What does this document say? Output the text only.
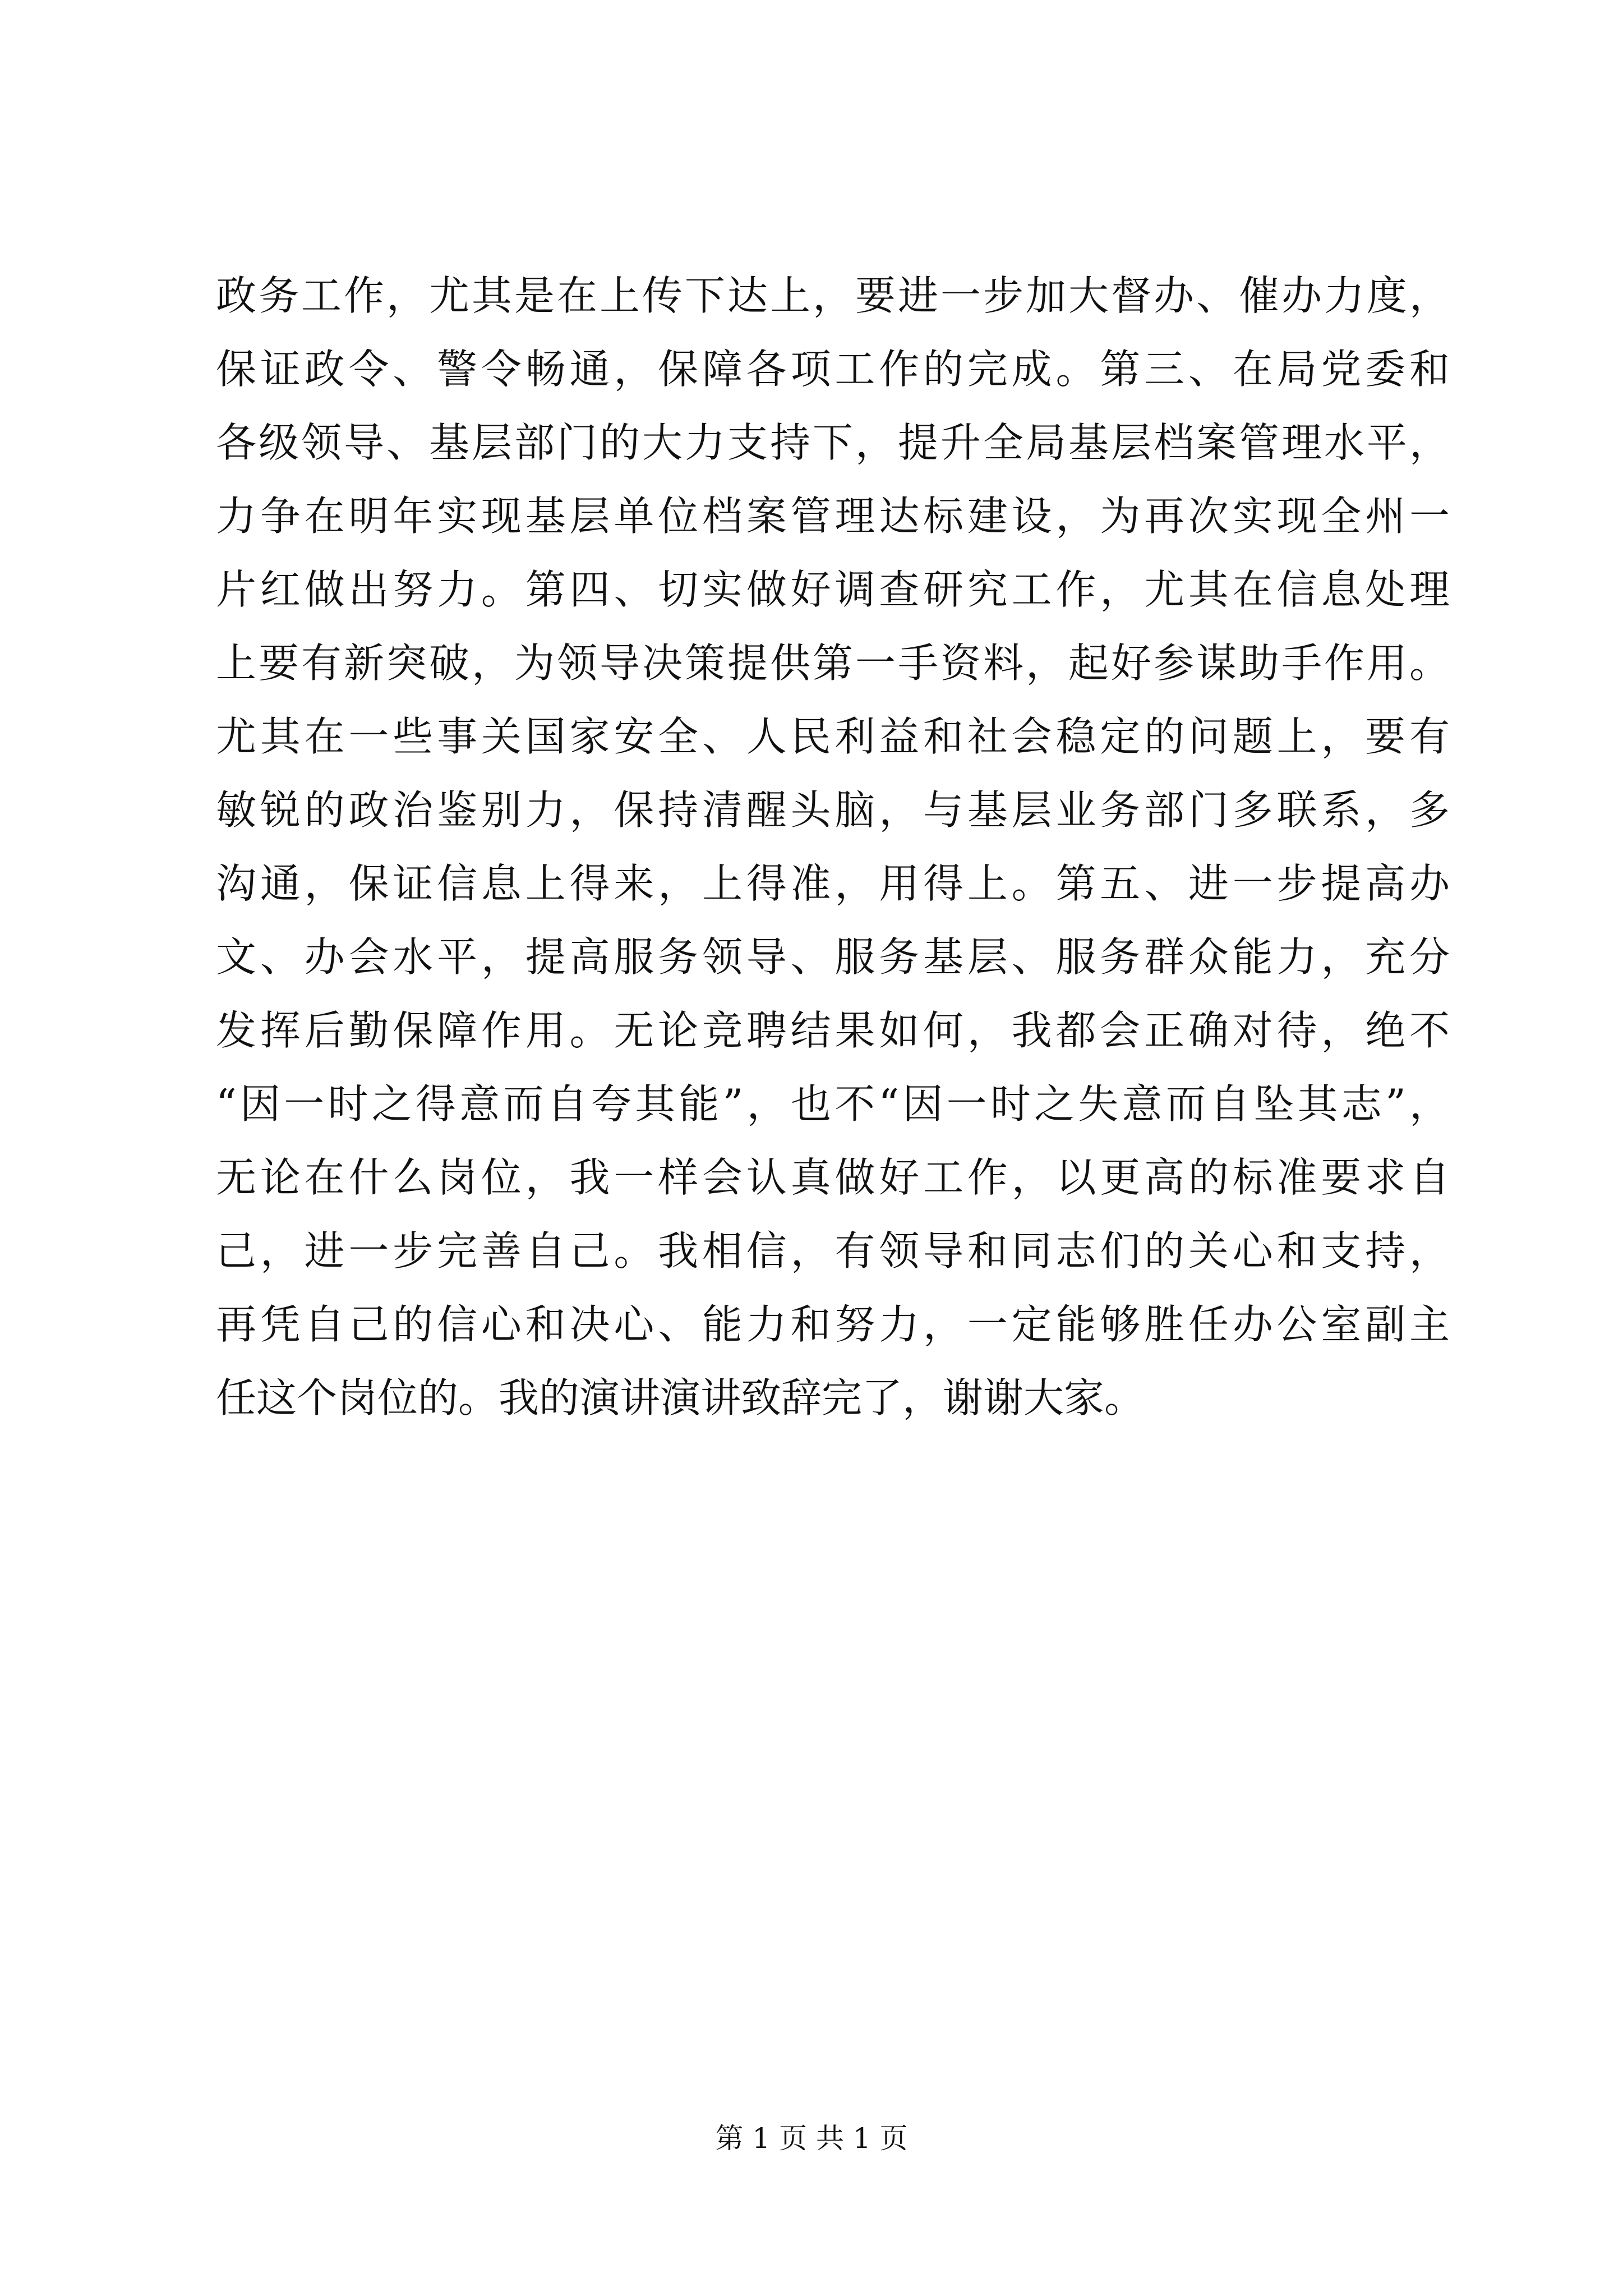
政务工作，尤其是在上传下达上，要进一步加大督办、催办力度，
保证政令、警令畅通，保障各项工作的完成。第三、在局党委和
各级领导、基层部门的大力支持下，提升全局基层档案管理水平，
力争在明年实现基层单位档案管理达标建设，为再次实现全州一
片红做出努力。第四、切实做好调查研究工作，尤其在信息处理
上要有新突破，为领导决策提供第一手资料，起好参谋助手作用。
尤其在一些事关国家安全、人民利益和社会稳定的问题上，要有
敏锐的政治鉴别力，保持清醒头脑，与基层业务部门多联系，多
沟通，保证信息上得来，上得准，用得上。第五、进一步提高办
文、办会水平，提高服务领导、服务基层、服务群众能力，充分
发挥后勤保障作用。无论竞聘结果如何，我都会正确对待，绝不
“因一时之得意而自夸其能”，也不“因一时之失意而自坠其志”，
无论在什么岗位，我一样会认真做好工作，以更高的标准要求自
己，进一步完善自己。我相信，有领导和同志们的关心和支持，
再凭自己的信心和决心、能力和努力，一定能够胜任办公室副主
任这个岗位的。我的演讲演讲致辞完了，谢谢大家。
第 1 页 共 1 页
